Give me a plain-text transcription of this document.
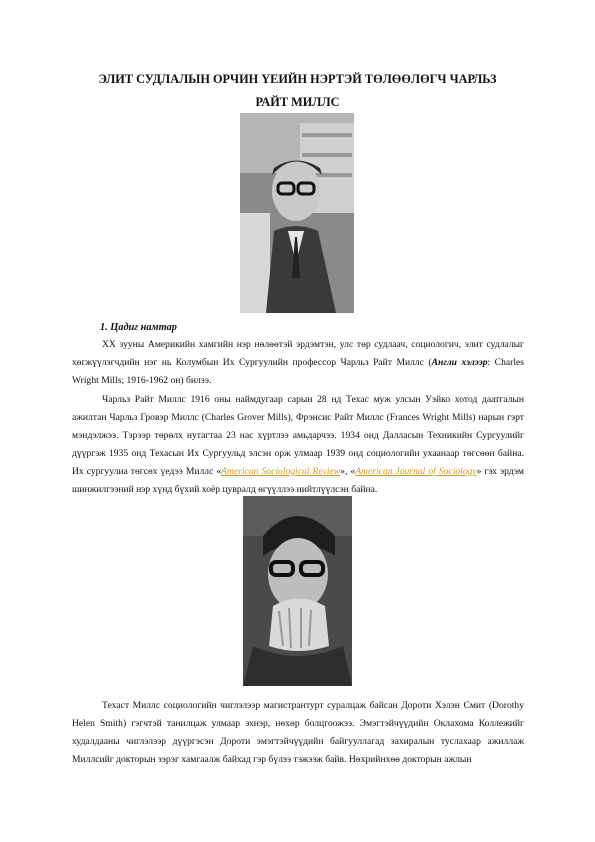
ЭЛИТ СУДЛАЛЫН ОРЧИН ҮЕИЙН НЭРТЭЙ ТӨЛӨӨЛӨГЧ ЧАРЛЬЗ
РАЙТ МИЛЛС
1. Цадиг намтар

XX зууны Америкийн хамгийн нэр нөлөөтэй эрдэмтэн, улс төр судлаач, социологич, элит судлалыг хөгжүүлэгчдийн нэг нь Колумбын Их Сургуулийн профессор Чарльз Райт Миллс (Англи хэлээр: Charles Wright Mills; 1916-1962 он) билээ.

Чарльз Райт Миллс 1916 оны наймдугаар сарын 28 нд Техас муж улсын Уэйко хотод даатгалын ажилтан Чарльз Гровэр Миллс (Charles Grover Mills), Фрэнсис Райт Миллс (Frances Wright Mills) нарын гэрт мэндэлжээ. Тэрээр төрөлх нутагтаа 23 нас хүртлээ амьдарчээ. 1934 онд Далласын Техникийн Сургуулийг дүүргэж 1935 онд Техасын Их Сургуульд элсэн орж улмаар 1939 онд социологийн ухаанаар төгсөөн байна. Их сургуулиа төгсөх үедээ Миллс «American Sociological Review», «American Journal of Sociology» гэх эрдэм шинжилгээний нэр хүнд бүхий хоёр цувралд өгүүллээ нийтлүүлсэн байна.

Техаст Миллс социологийн чиглэлээр магистрантурт суралцаж байсан Дороти Хэлэн Смит (Dorothy Helen Smith) гэгчтэй танилцаж улмаар эхнэр, нөхөр болцгоожээ. Эмэгтэйчүүдийн Оклахома Коллежийг худалдааны чиглэлээр дүүргэсэн Дороти эмэгтэйчүүдийн байгууллагад захиралын туслахаар ажиллаж Миллсийг докторын зэрэг хамгаалж байхад гэр бүлээ тэжээж байв. Нөхрийнхөө докторын ажлын
